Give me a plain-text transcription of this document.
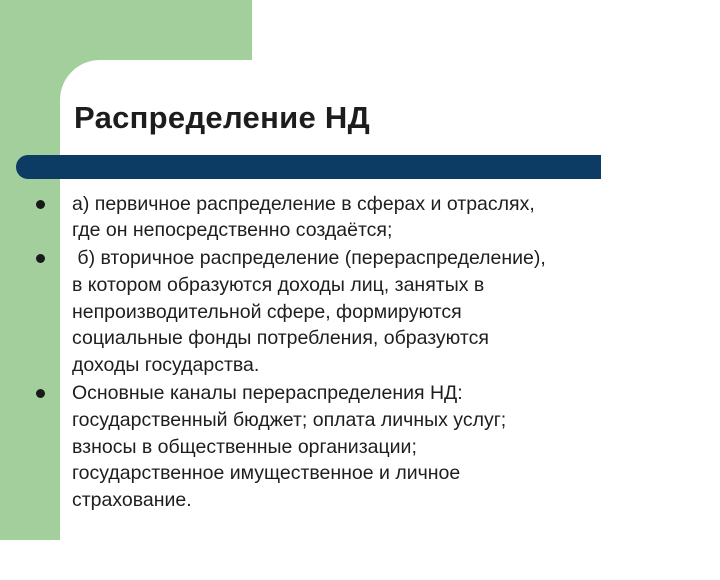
Распределение НД

а) первичное распределение в сферах и отраслях,

где он непосредственно создаётся;

б) вторичное распределение (перераспределение),

в котором образуются доходы лиц, занятых в

непроизводительной сфере, формируются

социальные фонды потребления, образуются

доходы государства.

Основные каналы перераспределения НД:

государственный бюджет; оплата личных услуг;

взносы в общественные организации;

государственное имущественное и личное

страхование.
